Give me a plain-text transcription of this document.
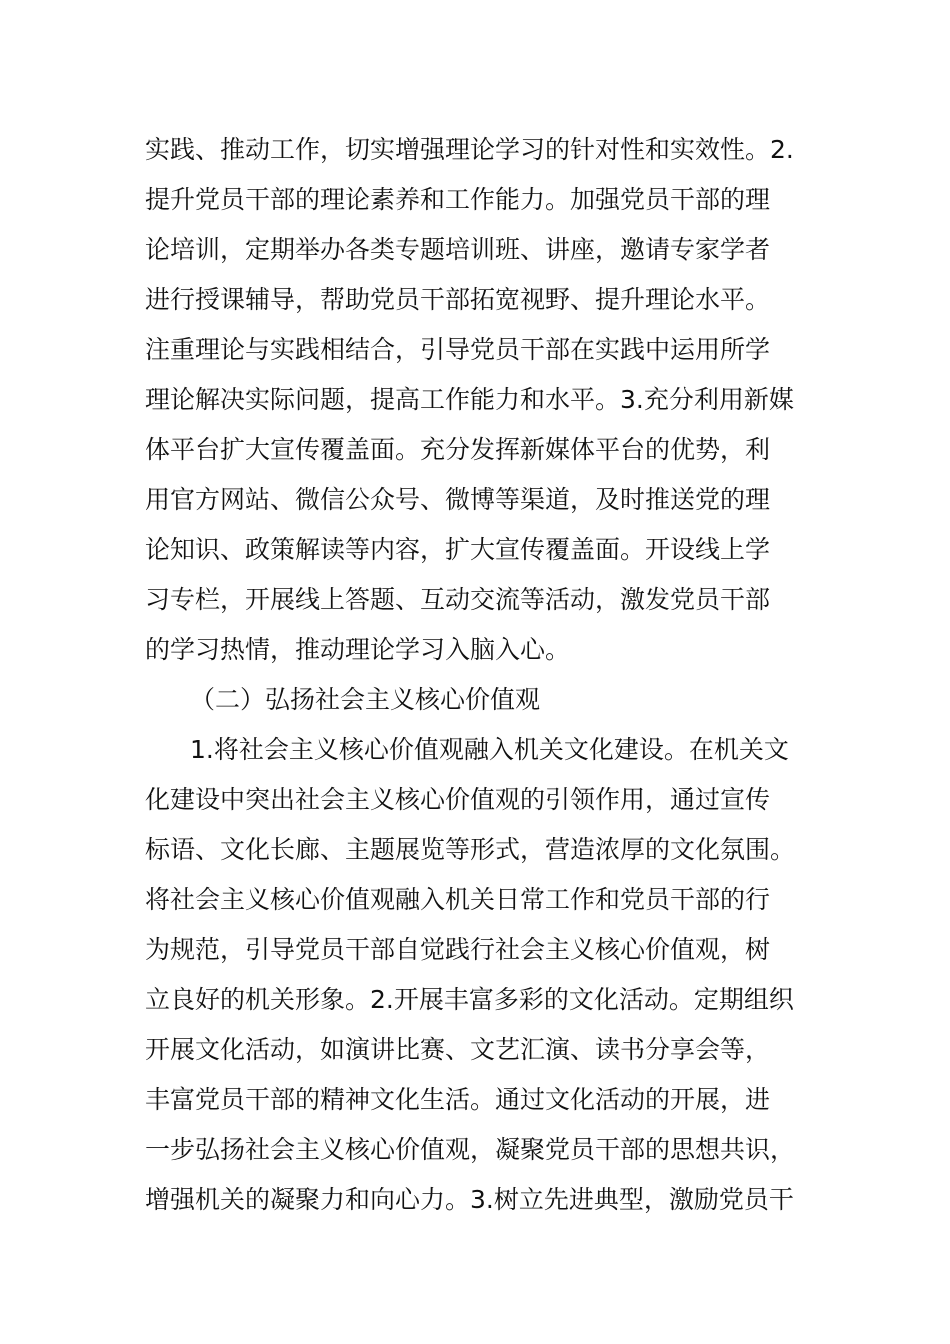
实践、推动工作，切实增强理论学习的针对性和实效性。2.
提升党员干部的理论素养和工作能力。加强党员干部的理
论培训，定期举办各类专题培训班、讲座，邀请专家学者
进行授课辅导，帮助党员干部拓宽视野、提升理论水平。
注重理论与实践相结合，引导党员干部在实践中运用所学
理论解决实际问题，提高工作能力和水平。3.充分利用新媒
体平台扩大宣传覆盖面。充分发挥新媒体平台的优势，利
用官方网站、微信公众号、微博等渠道，及时推送党的理
论知识、政策解读等内容，扩大宣传覆盖面。开设线上学
习专栏，开展线上答题、互动交流等活动，激发党员干部
的学习热情，推动理论学习入脑入心。
（二）弘扬社会主义核心价值观
1.将社会主义核心价值观融入机关文化建设。在机关文
化建设中突出社会主义核心价值观的引领作用，通过宣传
标语、文化长廊、主题展览等形式，营造浓厚的文化氛围。
将社会主义核心价值观融入机关日常工作和党员干部的行
为规范，引导党员干部自觉践行社会主义核心价值观，树
立良好的机关形象。2.开展丰富多彩的文化活动。定期组织
开展文化活动，如演讲比赛、文艺汇演、读书分享会等，
丰富党员干部的精神文化生活。通过文化活动的开展，进
一步弘扬社会主义核心价值观，凝聚党员干部的思想共识，
增强机关的凝聚力和向心力。3.树立先进典型，激励党员干
